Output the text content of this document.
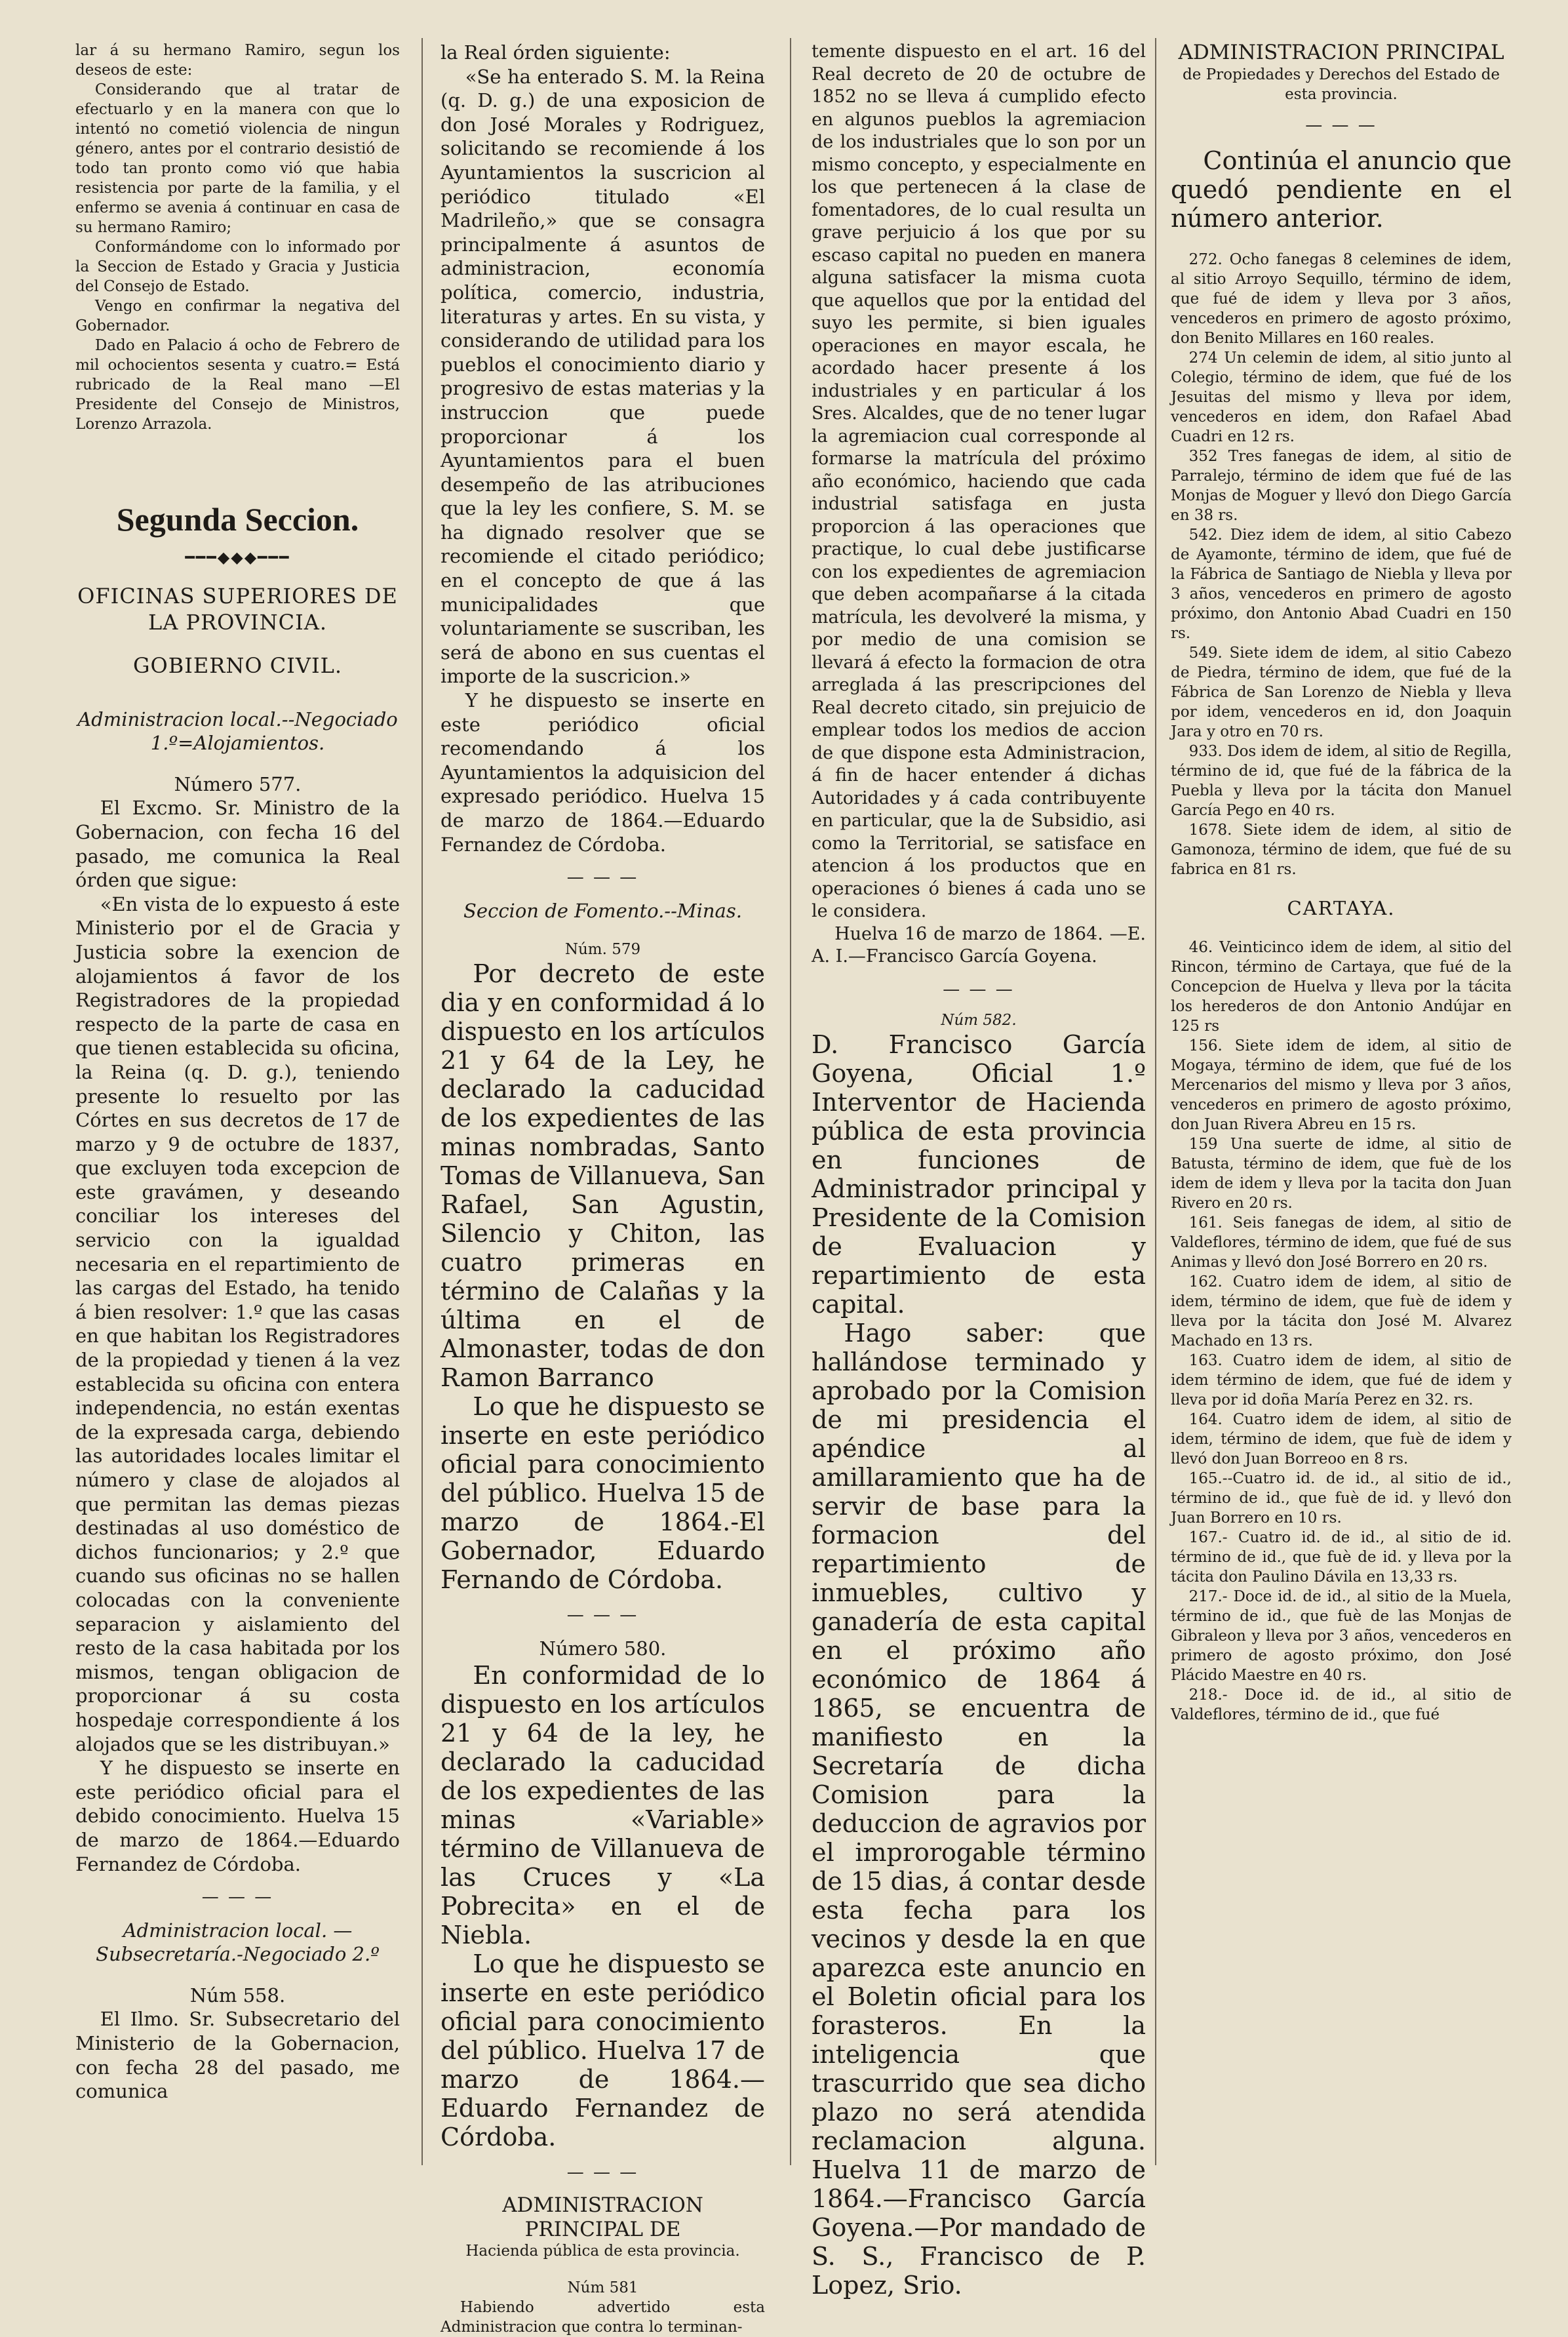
lar á su hermano Ramiro, segun los deseos de este:

Considerando que al tratar de efectuarlo y en la manera con que lo intentó no cometió violencia de ningun género, antes por el contrario desistió de todo tan pronto como vió que habia resistencia por parte de la familia, y el enfermo se avenia á continuar en casa de su hermano Ramiro;

Conformándome con lo informado por la Seccion de Estado y Gracia y Justicia del Consejo de Estado.

Vengo en confirmar la negativa del Gobernador.

Dado en Palacio á ocho de Febrero de mil ochocientos sesenta y cuatro.= Está rubricado de la Real mano —El Presidente del Consejo de Ministros, Lorenzo Arrazola.

Segunda Seccion.
━━━◆◆◆━━━
OFICINAS SUPERIORES DE LA PROVINCIA.
GOBIERNO CIVIL.

Administracion local.--Negociado 1.º=Alojamientos.

Número 577.

El Excmo. Sr. Ministro de la Gobernacion, con fecha 16 del pasado, me comunica la Real órden que sigue:

«En vista de lo expuesto á este Ministerio por el de Gracia y Justicia sobre la exencion de alojamientos á favor de los Registradores de la propiedad respecto de la parte de casa en que tienen establecida su oficina, la Reina (q. D. g.), teniendo presente lo resuelto por las Córtes en sus decretos de 17 de marzo y 9 de octubre de 1837, que excluyen toda excepcion de este gravámen, y deseando conciliar los intereses del servicio con la igualdad necesaria en el repartimiento de las cargas del Estado, ha tenido á bien resolver: 1.º que las casas en que habitan los Registradores de la propiedad y tienen á la vez establecida su oficina con entera independencia, no están exentas de la expresada carga, debiendo las autoridades locales limitar el número y clase de alojados al que permitan las demas piezas destinadas al uso doméstico de dichos funcionarios; y 2.º que cuando sus oficinas no se hallen colocadas con la conveniente separacion y aislamiento del resto de la casa habitada por los mismos, tengan obligacion de proporcionar á su costa hospedaje correspondiente á los alojados que se les distribuyan.»

Y he dispuesto se inserte en este periódico oficial para el debido conocimiento. Huelva 15 de marzo de 1864.—Eduardo Fernandez de Córdoba.

— — —

Administracion local. —Subsecretaría.-Negociado 2.º

Núm 558.

El Ilmo. Sr. Subsecretario del Ministerio de la Gobernacion, con fecha 28 del pasado, me comunica

la Real órden siguiente:

«Se ha enterado S. M. la Reina (q. D. g.) de una exposicion de don José Morales y Rodriguez, solicitando se recomiende á los Ayuntamientos la suscricion al periódico titulado «El Madrileño,» que se consagra principalmente á asuntos de administracion, economía política, comercio, industria, literaturas y artes. En su vista, y considerando de utilidad para los pueblos el conocimiento diario y progresivo de estas materias y la instruccion que puede proporcionar á los Ayuntamientos para el buen desempeño de las atribuciones que la ley les confiere, S. M. se ha dignado resolver que se recomiende el citado periódico; en el concepto de que á las municipalidades que voluntariamente se suscriban, les será de abono en sus cuentas el importe de la suscricion.»

Y he dispuesto se inserte en este periódico oficial recomendando á los Ayuntamientos la adquisicion del expresado periódico. Huelva 15 de marzo de 1864.—Eduardo Fernandez de Córdoba.

— — —

Seccion de Fomento.--Minas.

Núm. 579

Por decreto de este dia y en conformidad á lo dispuesto en los artículos 21 y 64 de la Ley, he declarado la caducidad de los expedientes de las minas nombradas, Santo Tomas de Villanueva, San Rafael, San Agustin, Silencio y Chiton, las cuatro primeras en término de Calañas y la última en el de Almonaster, todas de don Ramon Barranco

Lo que he dispuesto se inserte en este periódico oficial para conocimiento del público. Huelva 15 de marzo de 1864.-El Gobernador, Eduardo Fernando de Córdoba.

— — —

Número 580.

En conformidad de lo dispuesto en los artículos 21 y 64 de la ley, he declarado la caducidad de los expedientes de las minas «Variable» término de Villanueva de las Cruces y «La Pobrecita» en el de Niebla.

Lo que he dispuesto se inserte en este periódico oficial para conocimiento del público. Huelva 17 de marzo de 1864.—Eduardo Fernandez de Córdoba.

— — —

ADMINISTRACION PRINCIPAL DE

Hacienda pública de esta provincia.

Núm 581

Habiendo advertido esta Administracion que contra lo terminan-

temente dispuesto en el art. 16 del Real decreto de 20 de octubre de 1852 no se lleva á cumplido efecto en algunos pueblos la agremiacion de los industriales que lo son por un mismo concepto, y especialmente en los que pertenecen á la clase de fomentadores, de lo cual resulta un grave perjuicio á los que por su escaso capital no pueden en manera alguna satisfacer la misma cuota que aquellos que por la entidad del suyo les permite, si bien iguales operaciones en mayor escala, he acordado hacer presente á los industriales y en particular á los Sres. Alcaldes, que de no tener lugar la agremiacion cual corresponde al formarse la matrícula del próximo año económico, haciendo que cada industrial satisfaga en justa proporcion á las operaciones que practique, lo cual debe justificarse con los expedientes de agremiacion que deben acompañarse á la citada matrícula, les devolveré la misma, y por medio de una comision se llevará á efecto la formacion de otra arreglada á las prescripciones del Real decreto citado, sin prejuicio de emplear todos los medios de accion de que dispone esta Administracion, á fin de hacer entender á dichas Autoridades y á cada contribuyente en particular, que la de Subsidio, asi como la Territorial, se satisface en atencion á los productos que en operaciones ó bienes á cada uno se le considera.

Huelva 16 de marzo de 1864. —E. A. I.—Francisco García Goyena.

— — —

Núm 582.

D. Francisco García Goyena, Oficial 1.º Interventor de Hacienda pública de esta provincia en funciones de Administrador principal y Presidente de la Comision de Evaluacion y repartimiento de esta capital.

Hago saber: que hallándose terminado y aprobado por la Comision de mi presidencia el apéndice al amillaramiento que ha de servir de base para la formacion del repartimiento de inmuebles, cultivo y ganadería de esta capital en el próximo año económico de 1864 á 1865, se encuentra de manifiesto en la Secretaría de dicha Comision para la deduccion de agravios por el improrogable término de 15 dias, á contar desde esta fecha para los vecinos y desde la en que aparezca este anuncio en el Boletin oficial para los forasteros. En la inteligencia que trascurrido que sea dicho plazo no será atendida reclamacion alguna. Huelva 11 de marzo de 1864.—Francisco García Goyena.—Por mandado de S. S., Francisco de P. Lopez, Srio.

ADMINISTRACION PRINCIPAL

de Propiedades y Derechos del Estado de esta provincia.

— — —

Continúa el anuncio que quedó pendiente en el número anterior.

272. Ocho fanegas 8 celemines de idem, al sitio Arroyo Sequillo, término de idem, que fué de idem y lleva por 3 años, vencederos en primero de agosto próximo, don Benito Millares en 160 reales.

274 Un celemin de idem, al sitio junto al Colegio, término de idem, que fué de los Jesuitas del mismo y lleva por idem, vencederos en idem, don Rafael Abad Cuadri en 12 rs.

352 Tres fanegas de idem, al sitio de Parralejo, término de idem que fué de las Monjas de Moguer y llevó don Diego García en 38 rs.

542. Diez idem de idem, al sitio Cabezo de Ayamonte, término de idem, que fué de la Fábrica de Santiago de Niebla y lleva por 3 años, vencederos en primero de agosto próximo, don Antonio Abad Cuadri en 150 rs.

549. Siete idem de idem, al sitio Cabezo de Piedra, término de idem, que fué de la Fábrica de San Lorenzo de Niebla y lleva por idem, vencederos en id, don Joaquin Jara y otro en 70 rs.

933. Dos idem de idem, al sitio de Regilla, término de id, que fué de la fábrica de la Puebla y lleva por la tácita don Manuel García Pego en 40 rs.

1678. Siete idem de idem, al sitio de Gamonoza, término de idem, que fué de su fabrica en 81 rs.

CARTAYA.

46. Veinticinco idem de idem, al sitio del Rincon, término de Cartaya, que fué de la Concepcion de Huelva y lleva por la tácita los herederos de don Antonio Andújar en 125 rs

156. Siete idem de idem, al sitio de Mogaya, término de idem, que fué de los Mercenarios del mismo y lleva por 3 años, vencederos en primero de agosto próximo, don Juan Rivera Abreu en 15 rs.

159 Una suerte de idme, al sitio de Batusta, término de idem, que fuè de los idem de idem y lleva por la tacita don Juan Rivero en 20 rs.

161. Seis fanegas de idem, al sitio de Valdeflores, término de idem, que fué de sus Animas y llevó don José Borrero en 20 rs.

162. Cuatro idem de idem, al sitio de idem, término de idem, que fuè de idem y lleva por la tácita don José M. Alvarez Machado en 13 rs.

163. Cuatro idem de idem, al sitio de idem término de idem, que fué de idem y lleva por id doña María Perez en 32. rs.

164. Cuatro idem de idem, al sitio de idem, término de idem, que fuè de idem y llevó don Juan Borreoo en 8 rs.

165.--Cuatro id. de id., al sitio de id., término de id., que fuè de id. y llevó don Juan Borrero en 10 rs.

167.- Cuatro id. de id., al sitio de id. término de id., que fuè de id. y lleva por la tácita don Paulino Dávila en 13,33 rs.

217.- Doce id. de id., al sitio de la Muela, término de id., que fuè de las Monjas de Gibraleon y lleva por 3 años, vencederos en primero de agosto próximo, don José Plácido Maestre en 40 rs.

218.- Doce id. de id., al sitio de Valdeflores, término de id., que fué
